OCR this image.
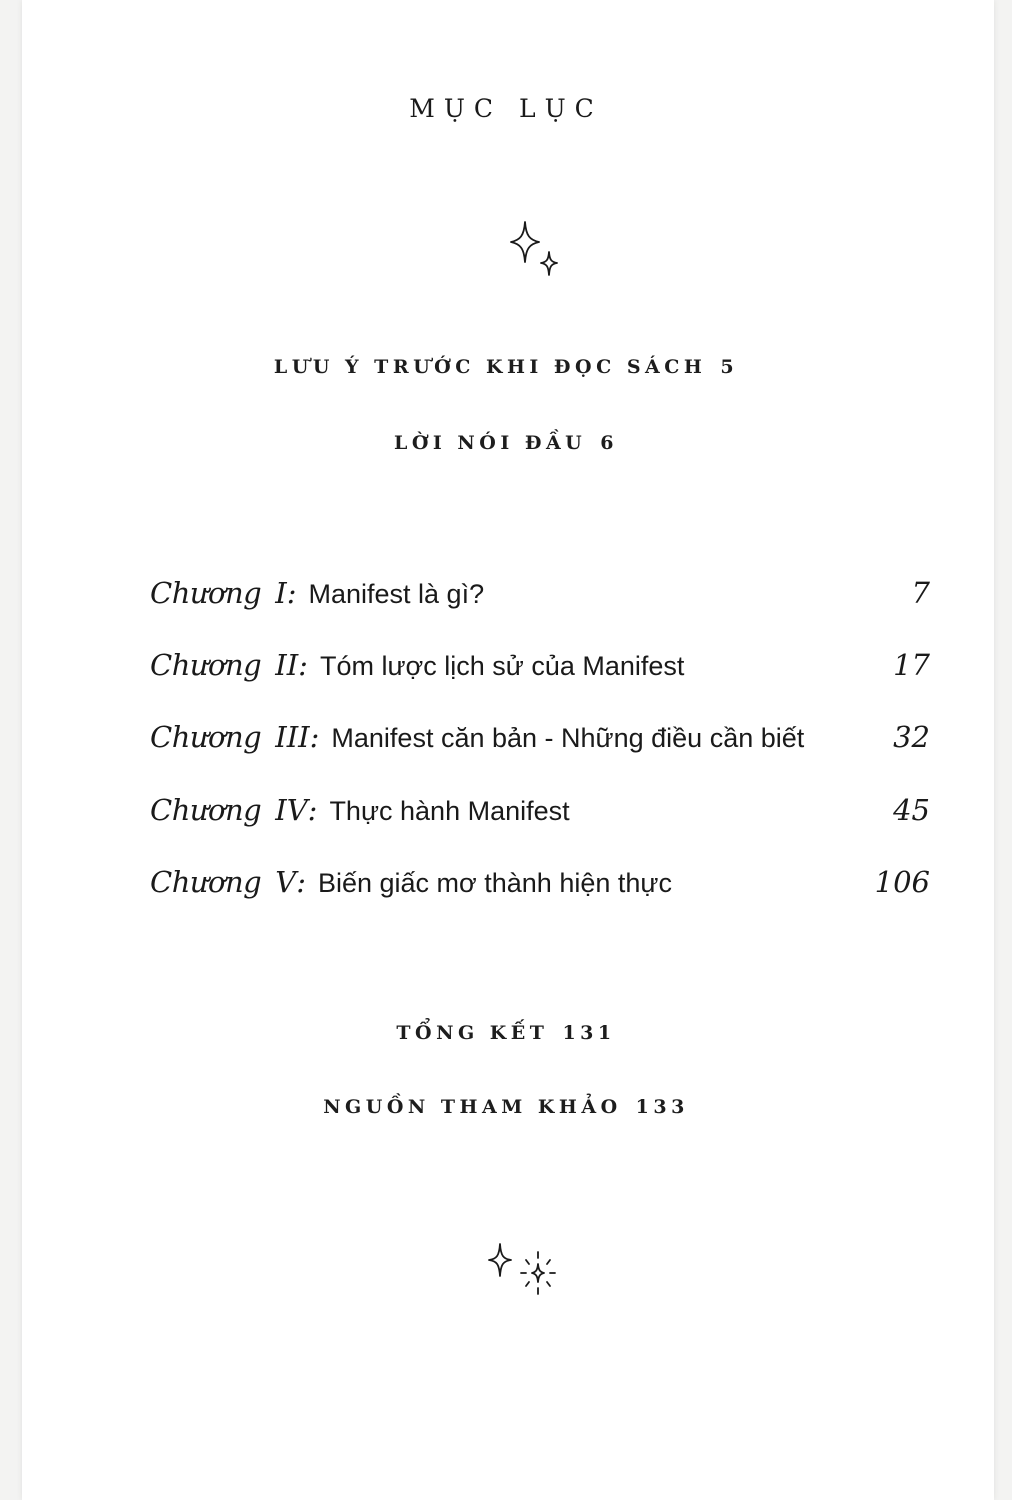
MỤC LỤC
LƯU Ý TRƯỚC KHI ĐỌC SÁCH 5
LỜI NÓI ĐẦU 6
Chương I : Manifest là gì?	7
Chương II : Tóm lược lịch sử của Manifest	17
Chương III : Manifest căn bản - Những điều cần biết	32
Chương IV : Thực hành Manifest	45
Chương V : Biến giấc mơ thành hiện thực	106
TỔNG KẾT 131
NGUỒN THAM KHẢO 133
